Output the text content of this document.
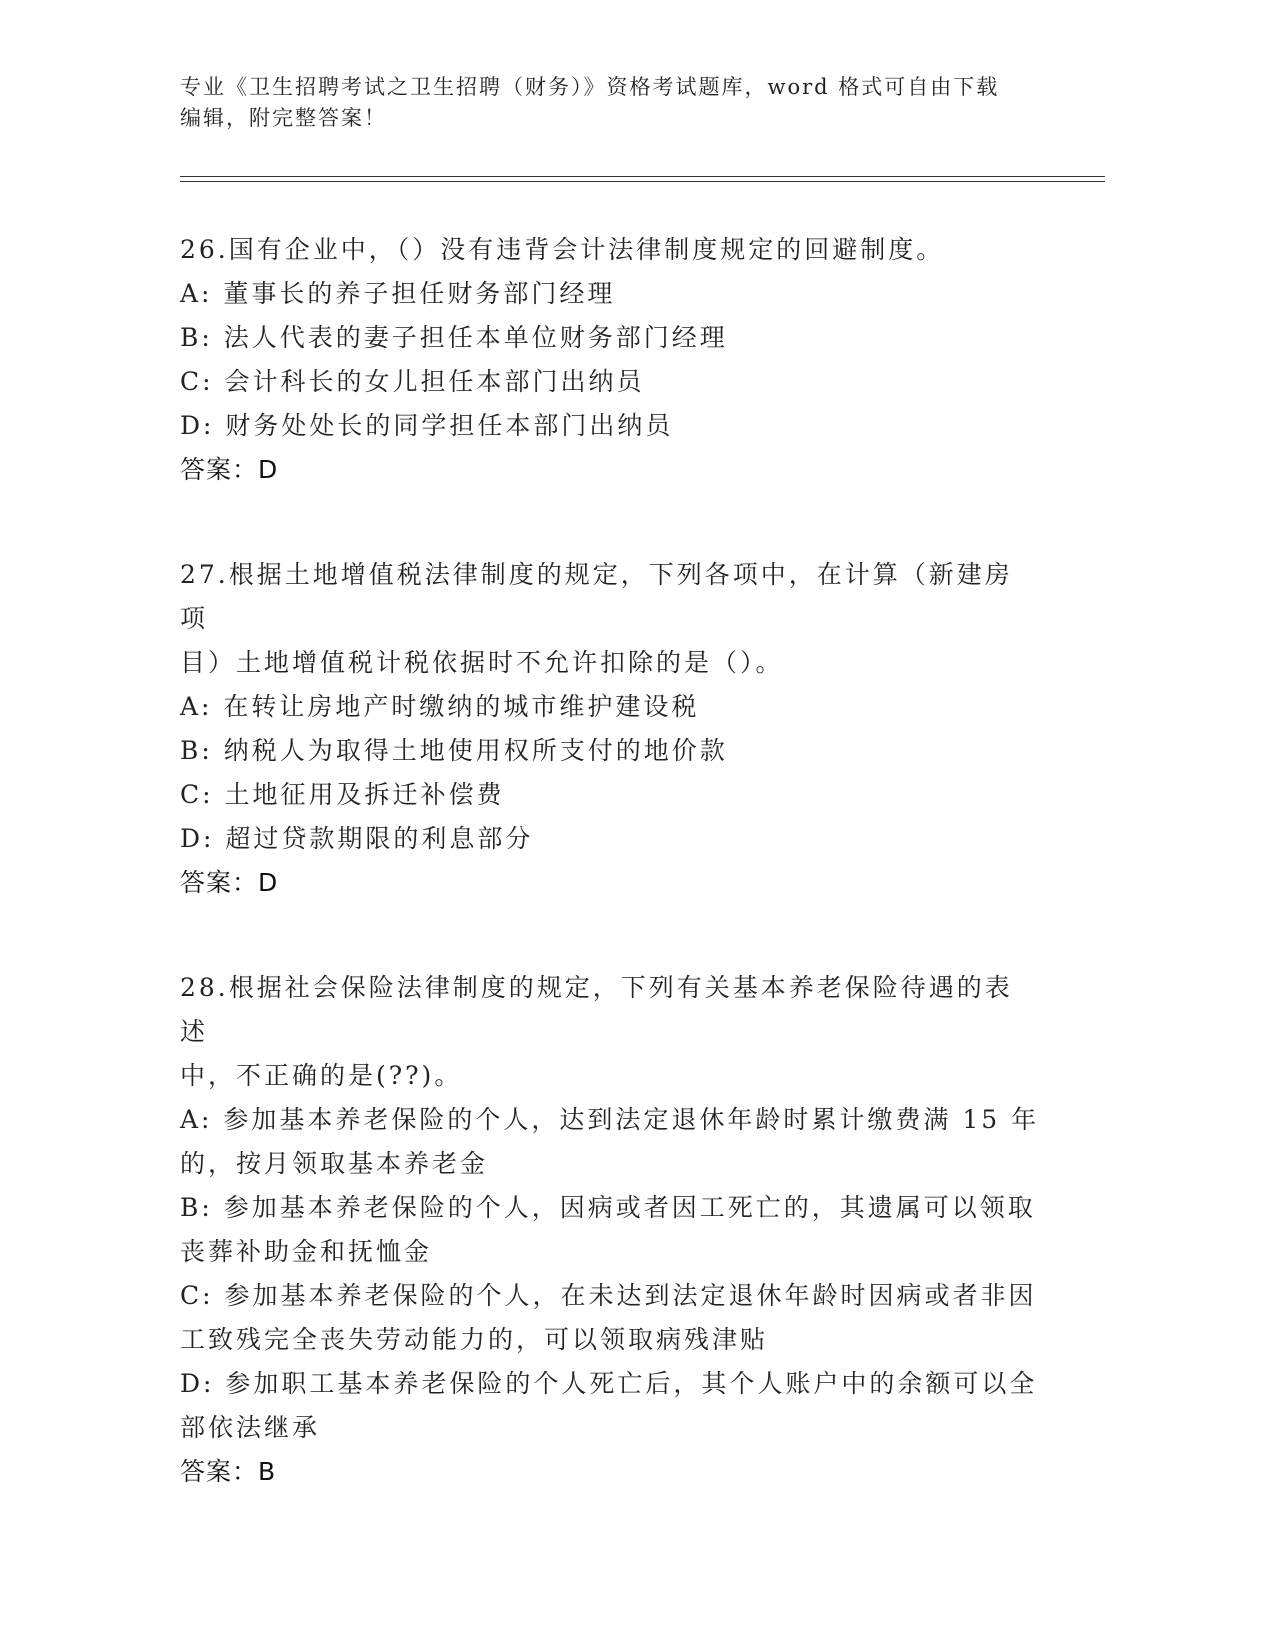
专业《卫生招聘考试之卫生招聘（财务）》资格考试题库，word 格式可自由下载
编辑，附完整答案！
26.国有企业中，（）没有违背会计法律制度规定的回避制度。
A: 董事长的养子担任财务部门经理
B: 法人代表的妻子担任本单位财务部门经理
C: 会计科长的女儿担任本部门出纳员
D: 财务处处长的同学担任本部门出纳员
答案：D
27.根据土地增值税法律制度的规定，下列各项中，在计算（新建房项
目）土地增值税计税依据时不允许扣除的是（）。
A: 在转让房地产时缴纳的城市维护建设税
B: 纳税人为取得土地使用权所支付的地价款
C: 土地征用及拆迁补偿费
D: 超过贷款期限的利息部分
答案：D
28.根据社会保险法律制度的规定，下列有关基本养老保险待遇的表述
中，不正确的是(??)。
A: 参加基本养老保险的个人，达到法定退休年龄时累计缴费满 15 年
的，按月领取基本养老金
B: 参加基本养老保险的个人，因病或者因工死亡的，其遗属可以领取
丧葬补助金和抚恤金
C: 参加基本养老保险的个人，在未达到法定退休年龄时因病或者非因
工致残完全丧失劳动能力的，可以领取病残津贴
D: 参加职工基本养老保险的个人死亡后，其个人账户中的余额可以全
部依法继承
答案：B
